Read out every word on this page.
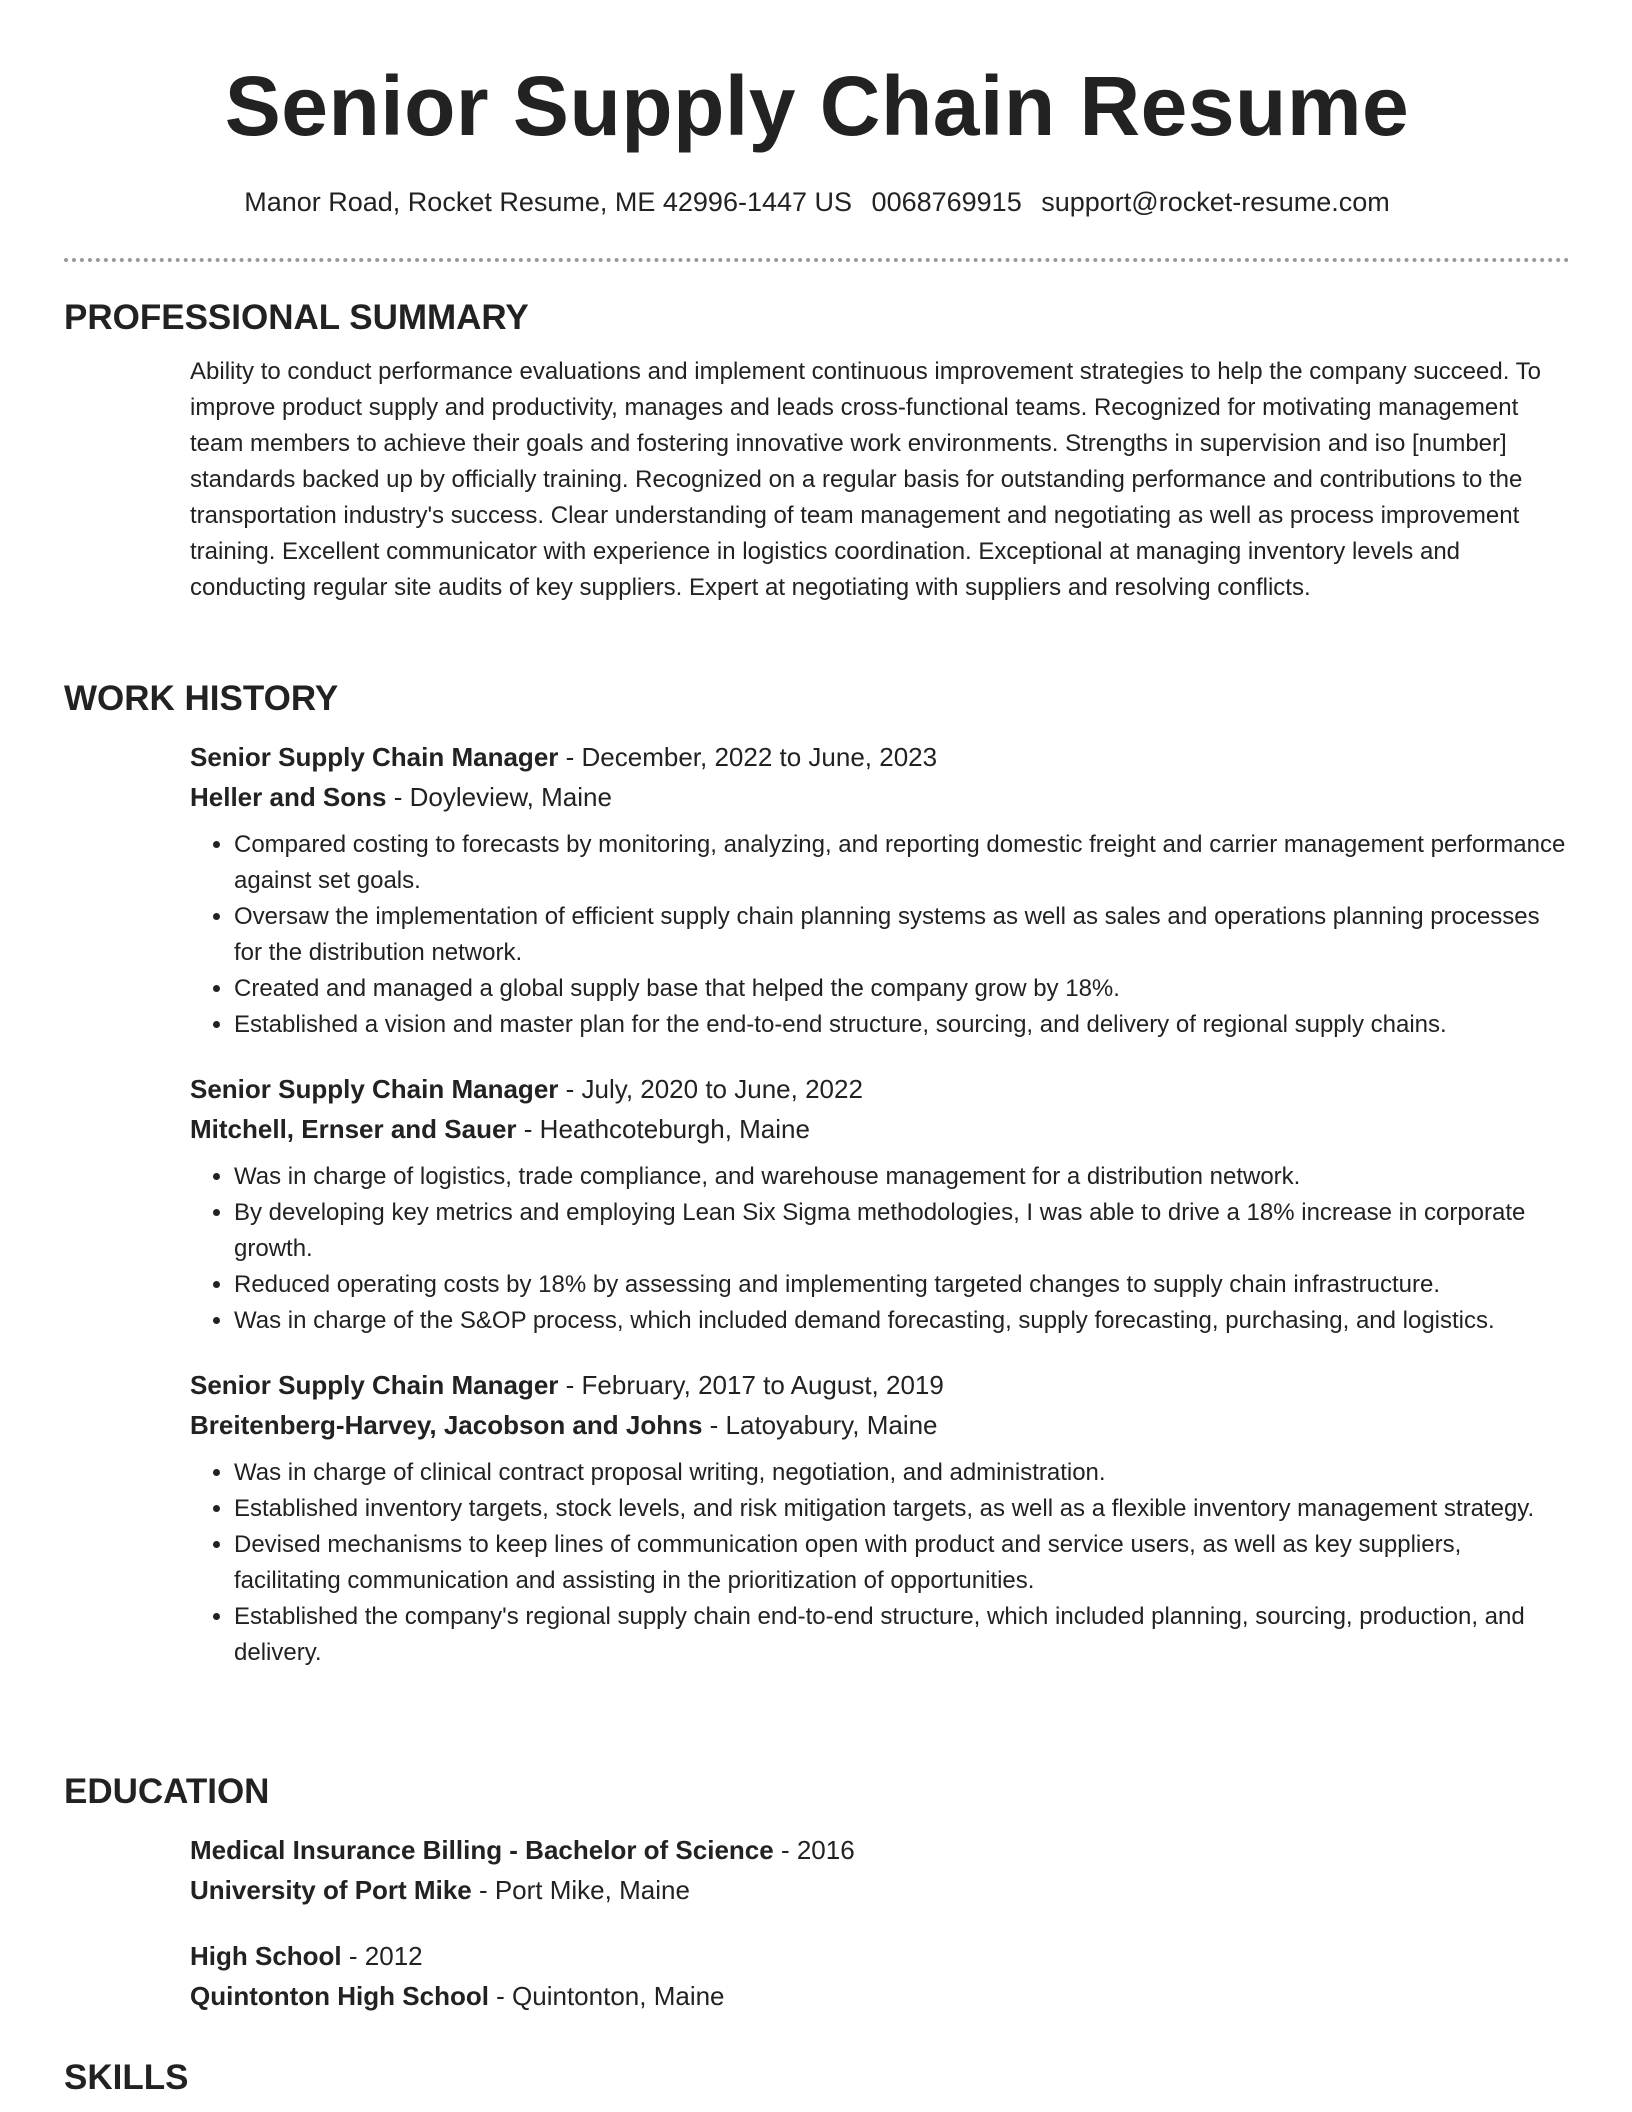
Senior Supply Chain Resume
Manor Road, Rocket Resume, ME 42996-1447 US 0068769915 support@rocket-resume.com
PROFESSIONAL SUMMARY

Ability to conduct performance evaluations and implement continuous improvement strategies to help the company succeed. To improve product supply and productivity, manages and leads cross-functional teams. Recognized for motivating management team members to achieve their goals and fostering innovative work environments. Strengths in supervision and iso [number] standards backed up by officially training. Recognized on a regular basis for outstanding performance and contributions to the transportation industry's success. Clear understanding of team management and negotiating as well as process improvement training. Excellent communicator with experience in logistics coordination. Exceptional at managing inventory levels and conducting regular site audits of key suppliers. Expert at negotiating with suppliers and resolving conflicts.

WORK HISTORY

Senior Supply Chain Manager - December, 2022 to June, 2023

Heller and Sons - Doyleview, Maine

• Compared costing to forecasts by monitoring, analyzing, and reporting domestic freight and carrier management performance against set goals.
• Oversaw the implementation of efficient supply chain planning systems as well as sales and operations planning processes for the distribution network.
• Created and managed a global supply base that helped the company grow by 18%.
• Established a vision and master plan for the end-to-end structure, sourcing, and delivery of regional supply chains.

Senior Supply Chain Manager - July, 2020 to June, 2022

Mitchell, Ernser and Sauer - Heathcoteburgh, Maine

• Was in charge of logistics, trade compliance, and warehouse management for a distribution network.
• By developing key metrics and employing Lean Six Sigma methodologies, I was able to drive a 18% increase in corporate growth.
• Reduced operating costs by 18% by assessing and implementing targeted changes to supply chain infrastructure.
• Was in charge of the S&OP process, which included demand forecasting, supply forecasting, purchasing, and logistics.

Senior Supply Chain Manager - February, 2017 to August, 2019

Breitenberg-Harvey, Jacobson and Johns - Latoyabury, Maine

• Was in charge of clinical contract proposal writing, negotiation, and administration.
• Established inventory targets, stock levels, and risk mitigation targets, as well as a flexible inventory management strategy.
• Devised mechanisms to keep lines of communication open with product and service users, as well as key suppliers, facilitating communication and assisting in the prioritization of opportunities.
• Established the company's regional supply chain end-to-end structure, which included planning, sourcing, production, and delivery.
EDUCATION

Medical Insurance Billing - Bachelor of Science - 2016

University of Port Mike - Port Mike, Maine

High School - 2012

Quintonton High School - Quintonton, Maine

SKILLS
